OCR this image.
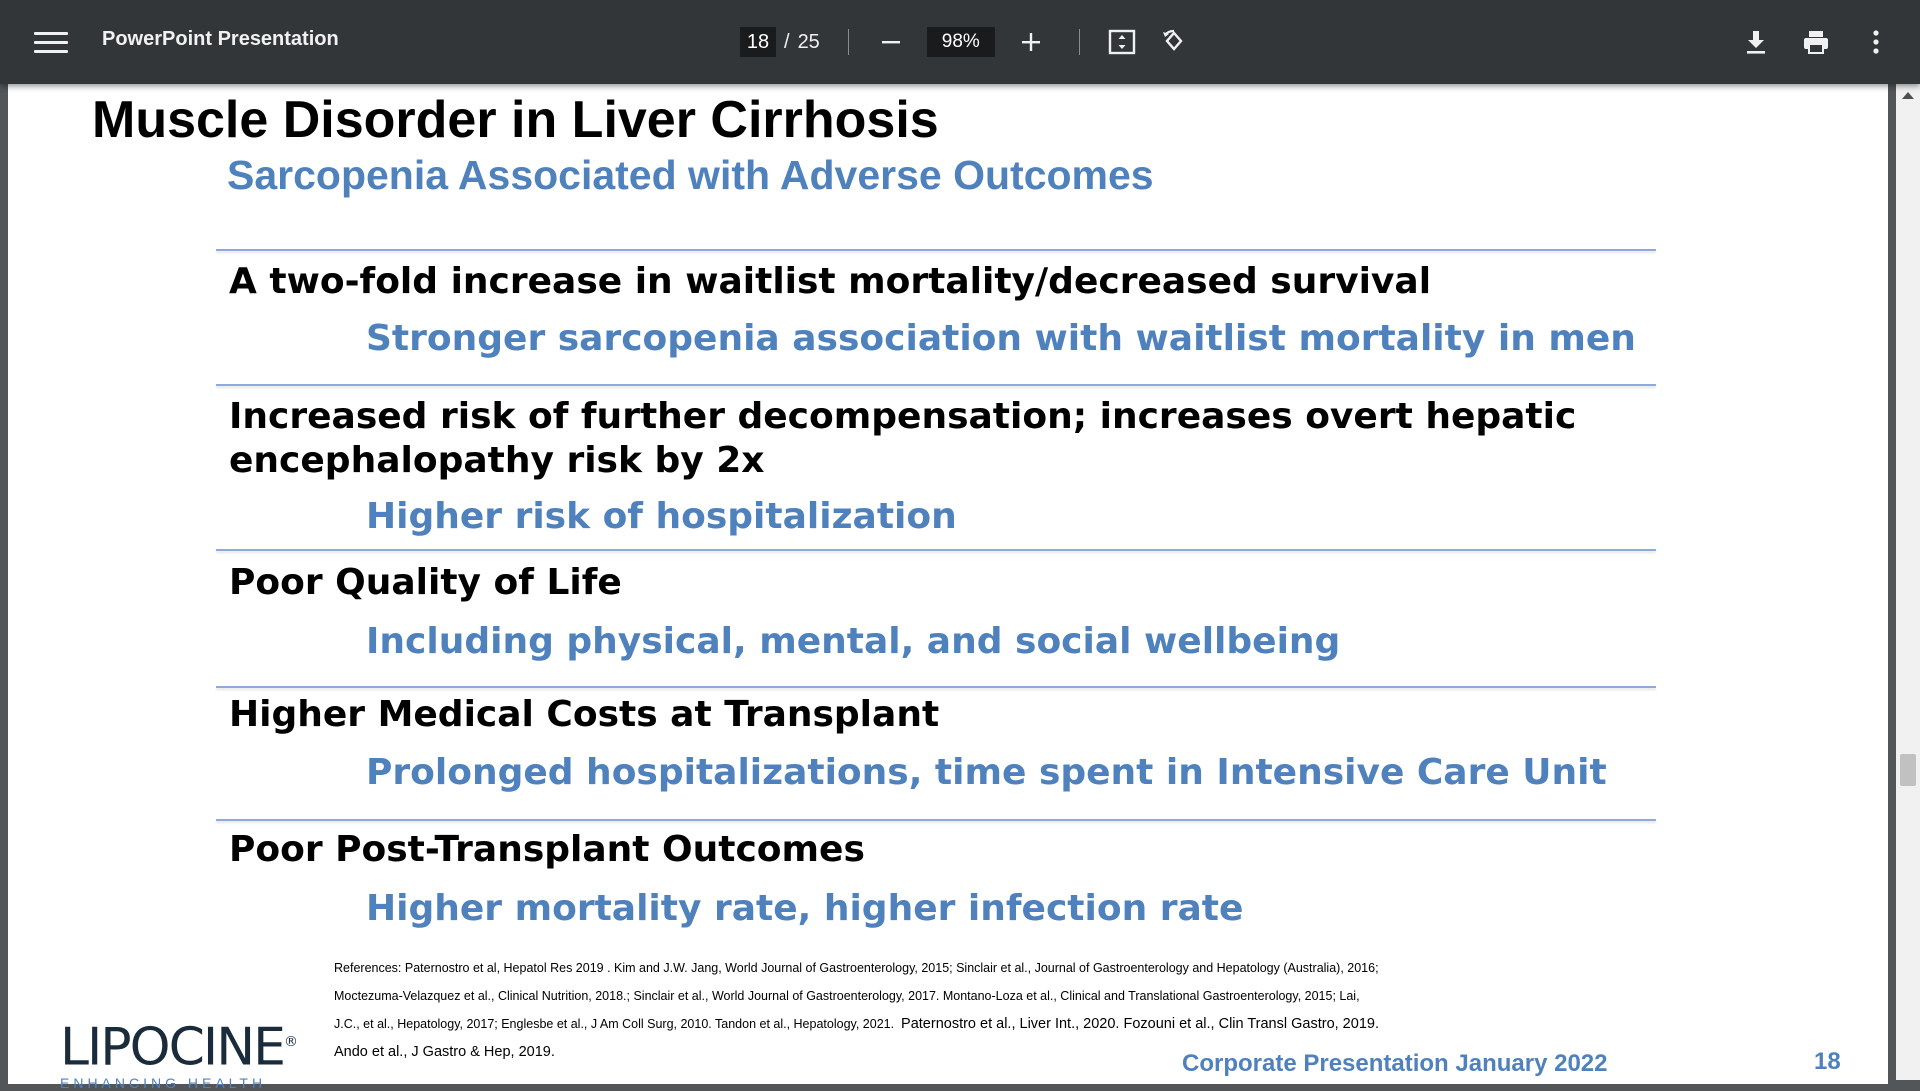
PowerPoint Presentation
18	/ 25
98%
Muscle Disorder in Liver Cirrhosis
Sarcopenia Associated with Adverse Outcomes
A two-fold increase in waitlist mortality/decreased survival
Stronger sarcopenia association with waitlist mortality in men
Increased risk of further decompensation; increases overt hepatic encephalopathy risk by 2x
Higher risk of hospitalization
Poor Quality of Life
Including physical, mental, and social wellbeing
Higher Medical Costs at Transplant
Prolonged hospitalizations, time spent in Intensive Care Unit
Poor Post-Transplant Outcomes
Higher mortality rate, higher infection rate
References: Paternostro et al, Hepatol Res 2019 . Kim and J.W. Jang, World Journal of Gastroenterology, 2015; Sinclair et al., Journal of Gastroenterology and Hepatology (Australia), 2016;
Moctezuma-Velazquez et al., Clinical Nutrition, 2018.; Sinclair et al., World Journal of Gastroenterology, 2017. Montano-Loza et al., Clinical and Translational Gastroenterology, 2015; Lai,
J.C., et al., Hepatology, 2017; Englesbe et al., J Am Coll Surg, 2010. Tandon et al., Hepatology, 2021. Paternostro et al., Liver Int., 2020. Fozouni et al., Clin Transl Gastro, 2019.
Ando et al., J Gastro & Hep, 2019.
LIPOCINE®
ENHANCING HEALTH
Corporate Presentation January 2022	18
